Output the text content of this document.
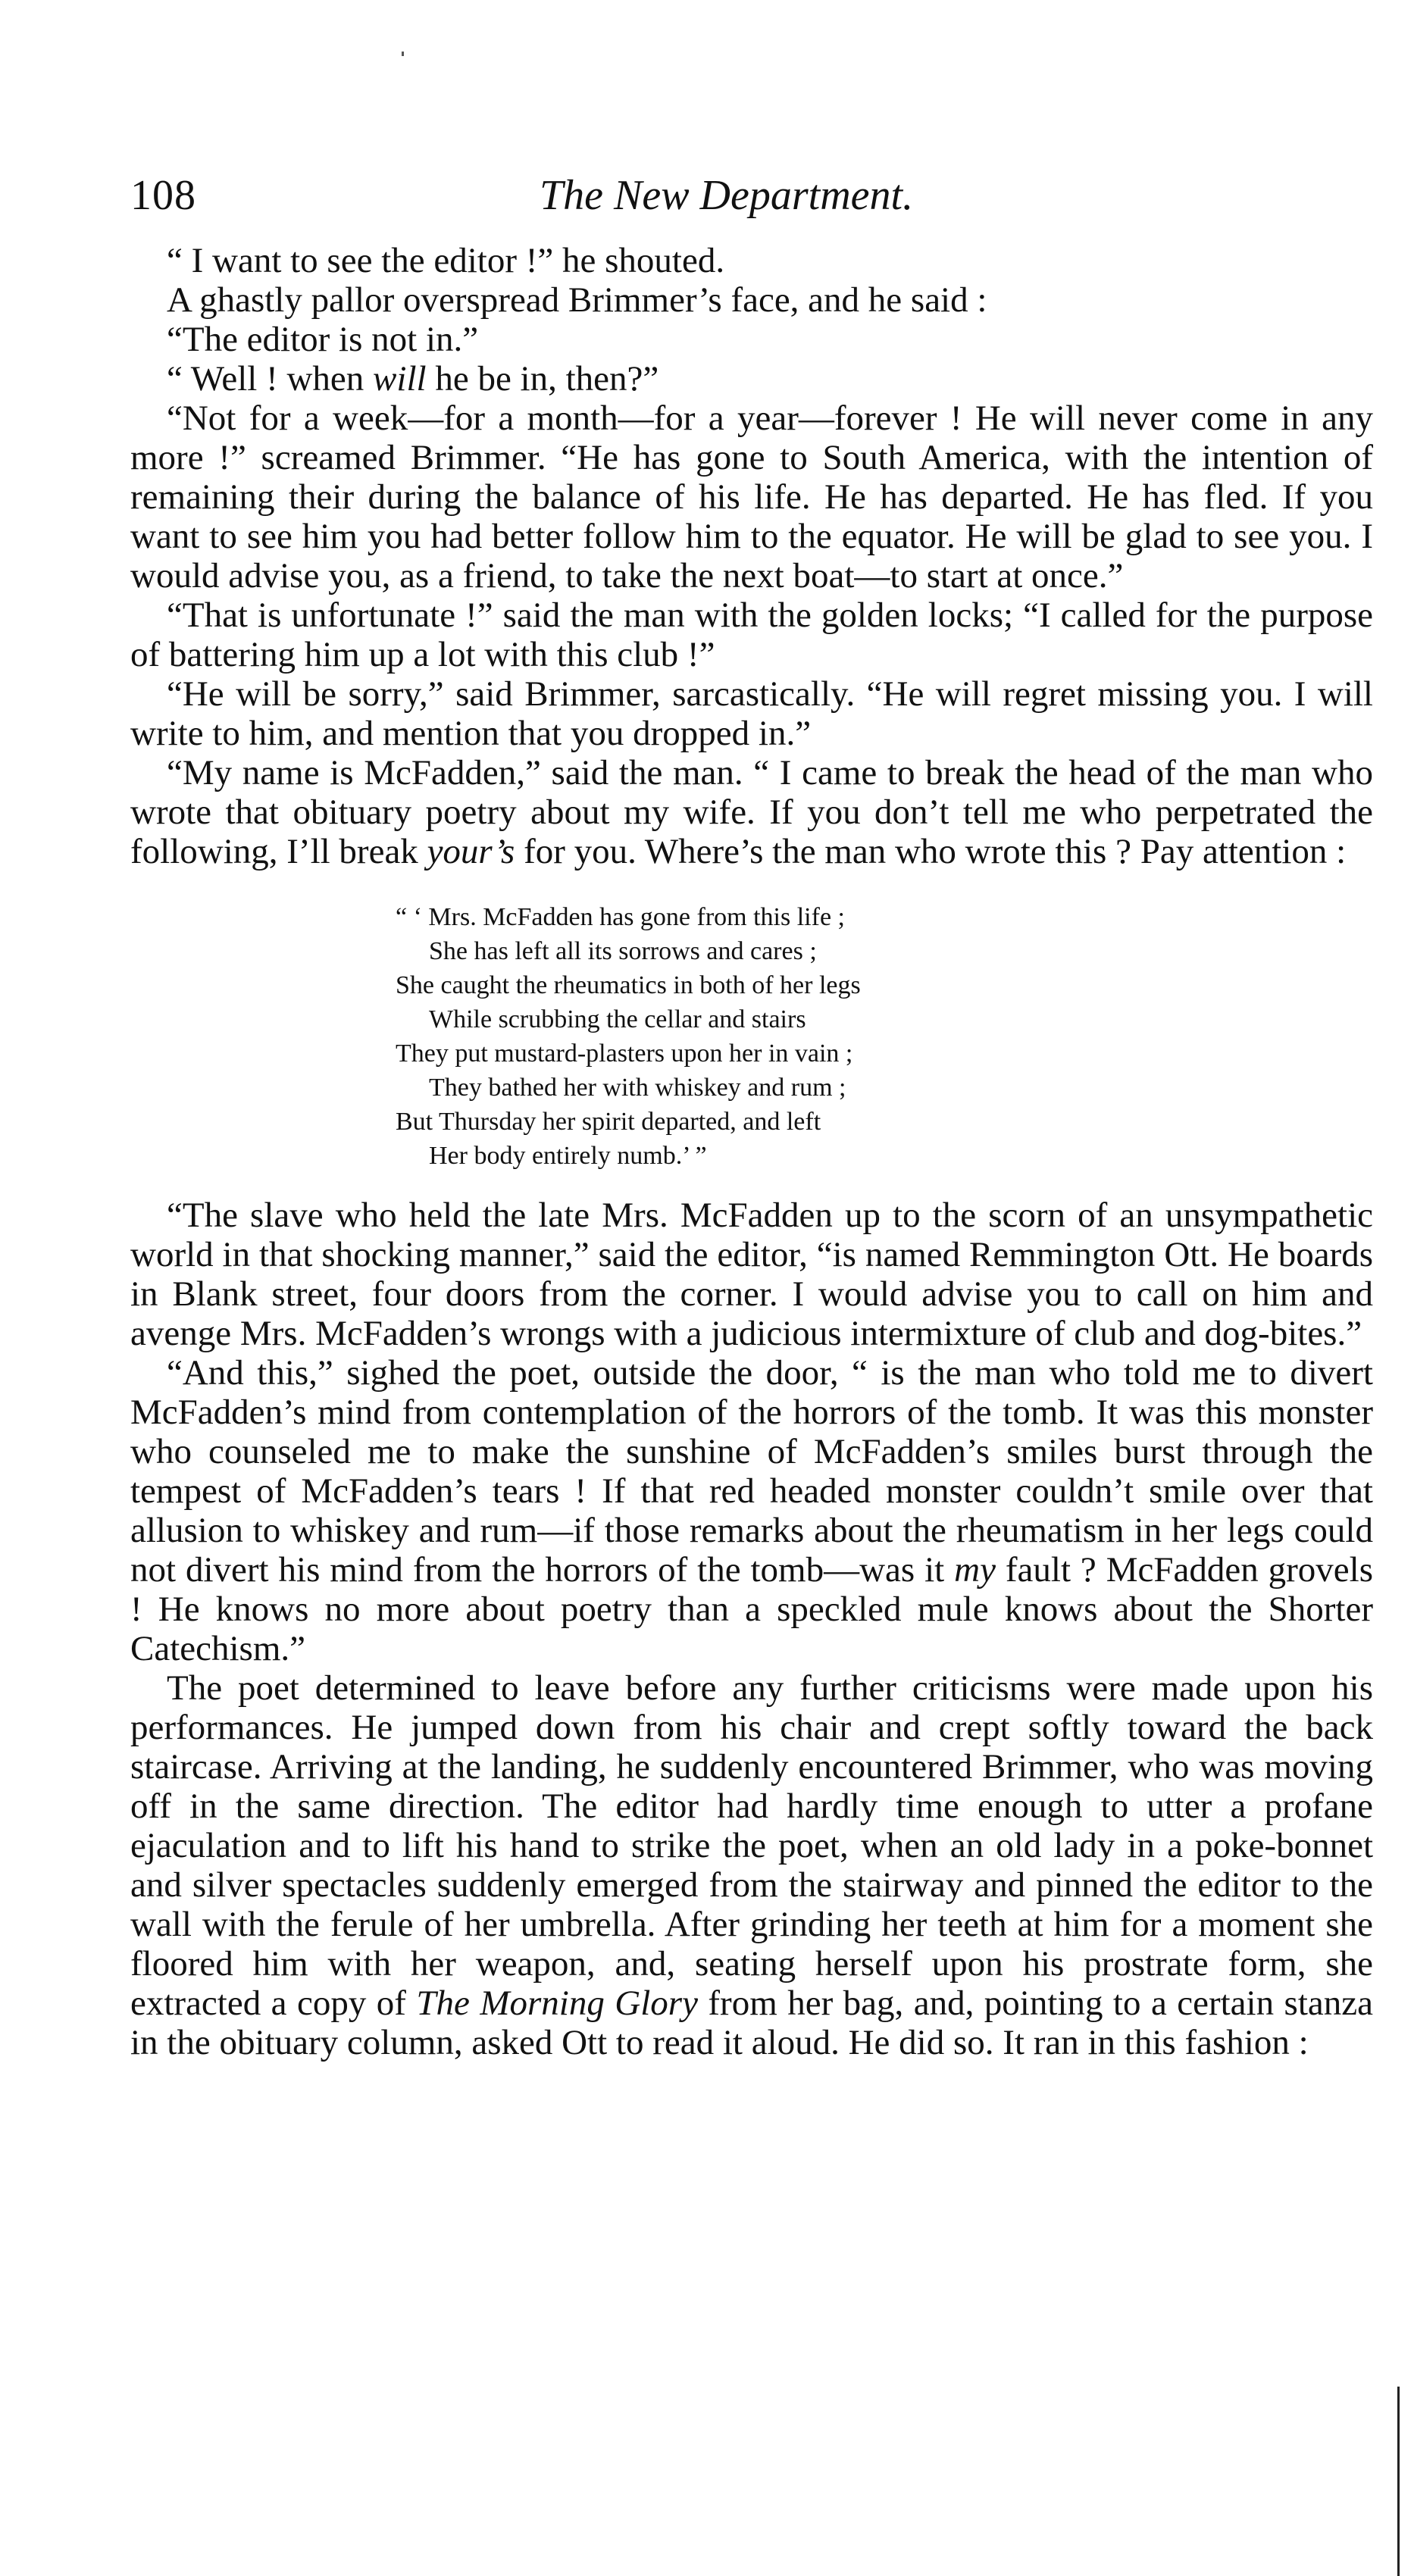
108	The New Department.

“ I want to see the editor !” he shouted.

A ghastly pallor overspread Brimmer’s face, and he said :

“The editor is not in.”

“ Well ! when will he be in, then?”

“Not for a week—for a month—for a year—forever ! He will never come in any more !” screamed Brimmer. “He has gone to South America, with the intention of remaining their during the balance of his life. He has departed. He has fled. If you want to see him you had better follow him to the equator. He will be glad to see you. I would advise you, as a friend, to take the next boat—to start at once.”

“That is unfortunate !” said the man with the golden locks; “I called for the purpose of battering him up a lot with this club !”

“He will be sorry,” said Brimmer, sarcastically. “He will regret missing you. I will write to him, and mention that you dropped in.”

“My name is McFadden,” said the man. “ I came to break the head of the man who wrote that obituary poetry about my wife. If you don’t tell me who perpetrated the following, I’ll break your’s for you. Where’s the man who wrote this ? Pay attention :

“ ‘ Mrs. McFadden has gone from this life ;
She has left all its sorrows and cares ;
She caught the rheumatics in both of her legs
While scrubbing the cellar and stairs
They put mustard-plasters upon her in vain ;
They bathed her with whiskey and rum ;
But Thursday her spirit departed, and left
Her body entirely numb.’ ”

“The slave who held the late Mrs. McFadden up to the scorn of an unsympathetic world in that shocking manner,” said the editor, “is named Remmington Ott. He boards in Blank street, four doors from the corner. I would advise you to call on him and avenge Mrs. McFadden’s wrongs with a judicious intermixture of club and dog-bites.”

“And this,” sighed the poet, outside the door, “ is the man who told me to divert McFadden’s mind from contemplation of the horrors of the tomb. It was this monster who counseled me to make the sunshine of McFadden’s smiles burst through the tempest of McFadden’s tears ! If that red headed monster couldn’t smile over that allusion to whiskey and rum—if those remarks about the rheumatism in her legs could not divert his mind from the horrors of the tomb—was it my fault ? McFadden grovels ! He knows no more about poetry than a speckled mule knows about the Shorter Catechism.”

The poet determined to leave before any further criticisms were made upon his performances. He jumped down from his chair and crept softly toward the back staircase. Arriving at the landing, he suddenly encountered Brimmer, who was moving off in the same direction. The editor had hardly time enough to utter a profane ejaculation and to lift his hand to strike the poet, when an old lady in a poke-bonnet and silver spectacles suddenly emerged from the stairway and pinned the editor to the wall with the ferule of her umbrella. After grinding her teeth at him for a moment she floored him with her weapon, and, seating herself upon his prostrate form, she extracted a copy of The Morning Glory from her bag, and, pointing to a certain stanza in the obituary column, asked Ott to read it aloud. He did so. It ran in this fashion :
